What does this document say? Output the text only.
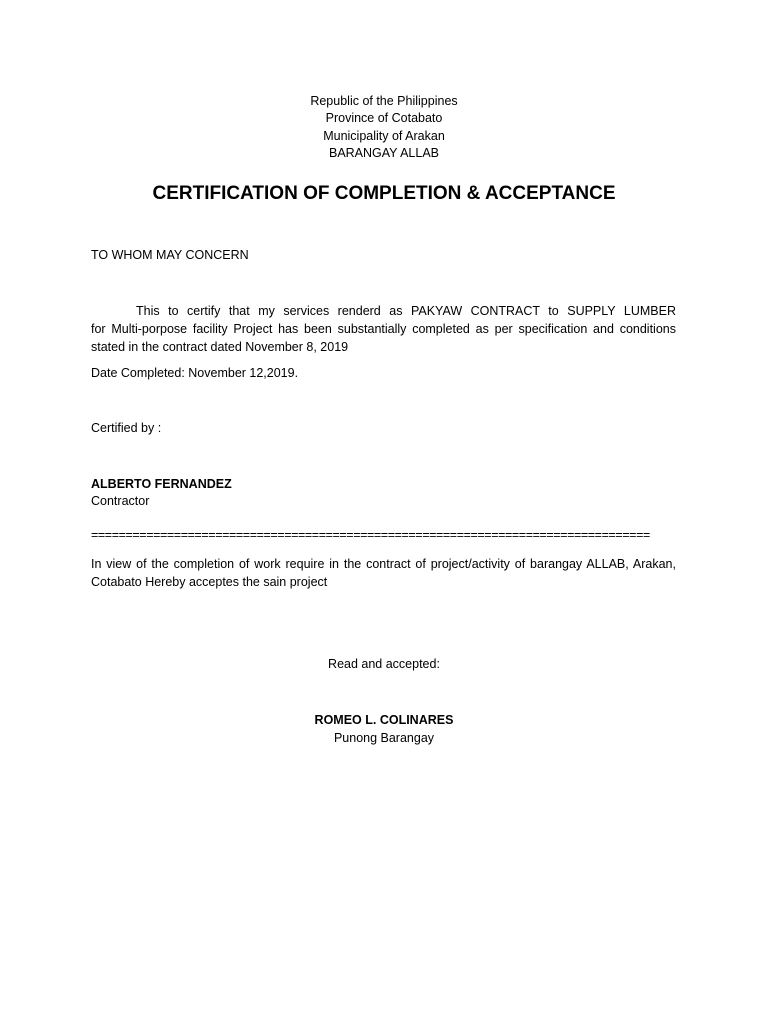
Republic of the Philippines
Province of Cotabato
Municipality of Arakan
BARANGAY ALLAB
CERTIFICATION OF COMPLETION & ACCEPTANCE
TO WHOM MAY CONCERN
This to certify that my services renderd as PAKYAW CONTRACT to SUPPLY LUMBER
for Multi-porpose facility Project has been substantially completed as per specification and conditions
stated in the contract dated November 8, 2019
Date Completed: November 12,2019.
Certified by :
ALBERTO FERNANDEZ
Contractor
=================================================================================
In view of the completion of work require in the contract of project/activity of barangay ALLAB, Arakan,
Cotabato Hereby acceptes the sain project
Read and accepted:
ROMEO L. COLINARES
Punong Barangay
